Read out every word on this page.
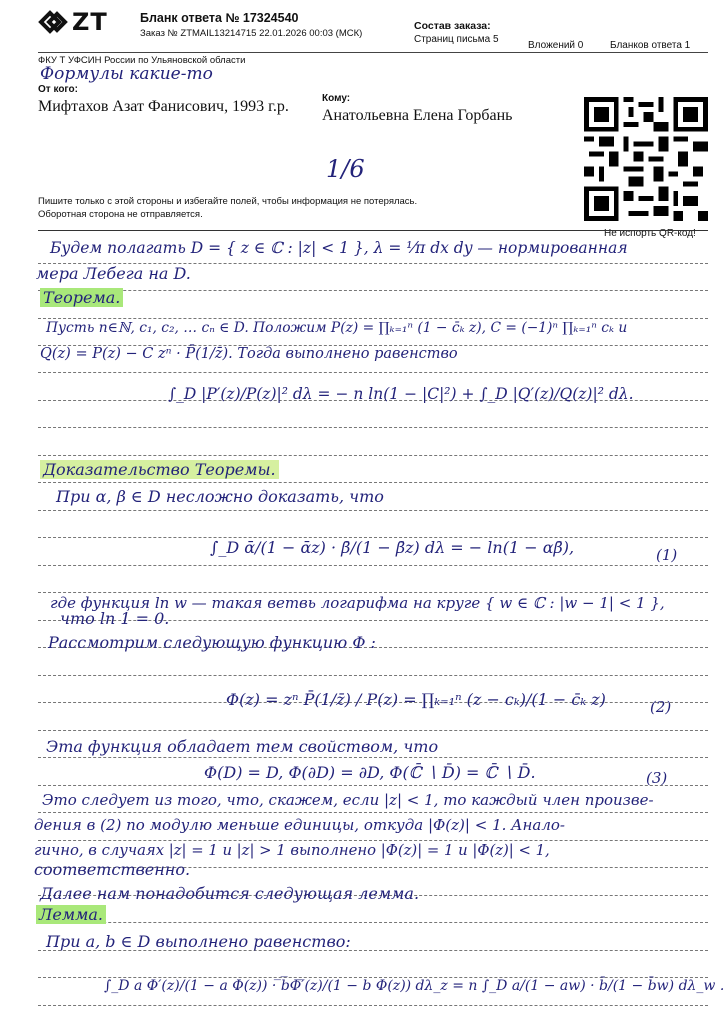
ZT	Бланк ответа № 17324540
Заказ № ZTMAIL13214715 22.01.2026 00:03 (МСК)
Состав заказа:
Страниц письма 5
Вложений 0	Бланков ответа 1
ФКУ Т УФСИН России по Ульяновской области
Формулы какие-то
От кого:
Мифтахов Азат Фанисович, 1993 г.р.	Кому:
Анатольевна Елена Горбань
Не испорть QR-код!
1/6
Пишите только с этой стороны и избегайте полей, чтобы информация не потерялась.
Оборотная сторона не отправляется.
Будем полагать D = { z ∈ ℂ : |z| < 1 }, λ = ¹⁄π dx dy — нормированная
мера Лебега на D.
Теорема.
Пусть n∈ℕ, c₁, c₂, … cₙ ∈ D. Положим P(z) = ∏ₖ₌₁ⁿ (1 − c̄ₖ z), C = (−1)ⁿ ∏ₖ₌₁ⁿ cₖ и
Q(z) = P(z) − C zⁿ · P̄(1/z̄). Тогда выполнено равенство
∫_D |P′(z)/P(z)|² dλ = − n ln(1 − |C|²) + ∫_D |Q′(z)/Q(z)|² dλ.
Доказательство Теоремы.
При α, β ∈ D несложно доказать, что
∫_D ᾱ/(1 − ᾱz) · β̄/(1 − β̄z) dλ = − ln(1 − αβ̄),	(1)
где функция ln w — такая ветвь логарифма на круге { w ∈ ℂ : |w − 1| < 1 },
что ln 1 = 0.
Рассмотрим следующую функцию Φ :
Φ(z) = zⁿ P̄(1/z̄) / P(z) = ∏ₖ₌₁ⁿ (z − cₖ)/(1 − c̄ₖ z)	(2)
Эта функция обладает тем свойством, что
Φ(D) = D, Φ(∂D) = ∂D, Φ(ℂ̄ ∖ D̄) = ℂ̄ ∖ D̄.	(3)
Это следует из того, что, скажем, если |z| < 1, то каждый член произве-
дения в (2) по модулю меньше единицы, откуда |Φ(z)| < 1. Анало-
гично, в случаях |z| = 1 и |z| > 1 выполнено |Φ(z)| = 1 и |Φ(z)| < 1,
соответственно.
Далее нам понадобится следующая лемма.
Лемма.
При a, b ∈ D выполнено равенство:
∫_D a Φ′(z)/(1 − a Φ(z)) · ̅b̅Φ̅′̅(z)/(1 − b Φ(z)) dλ_z = n ∫_D a/(1 − aw) · b̄/(1 − b̄w) dλ_w .
